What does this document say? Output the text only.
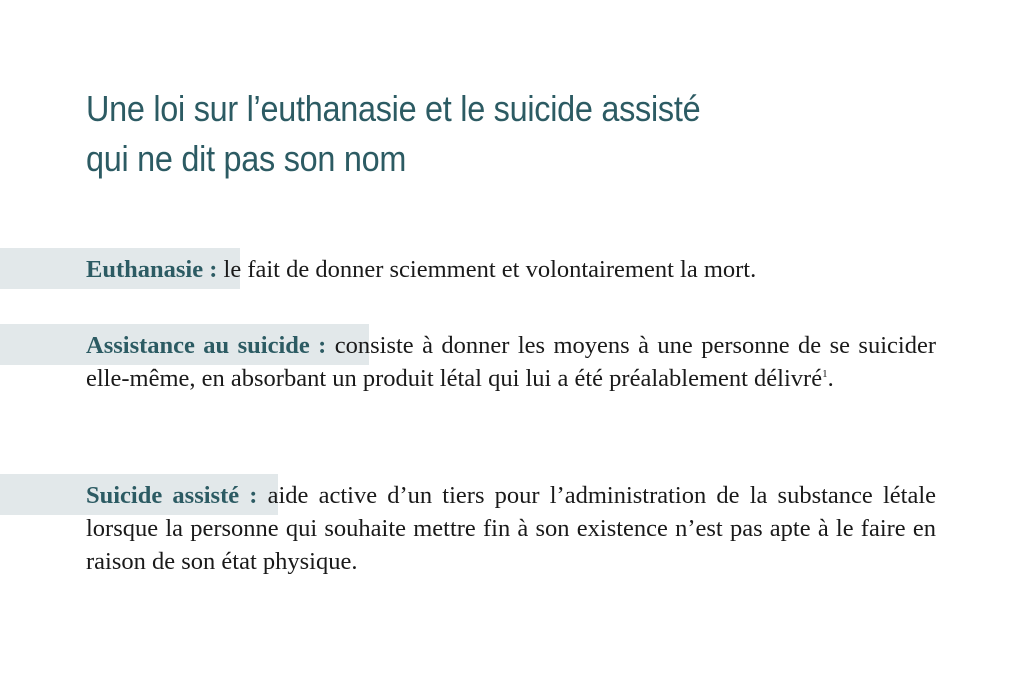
Une loi sur l’euthanasie et le suicide assisté
qui ne dit pas son nom

Euthanasie : le fait de donner sciemment et volontairement la mort.

Assistance au suicide : consiste à donner les moyens à une personne de se suicider elle-même, en absorbant un produit létal qui lui a été préalablement délivré$^1$.

Suicide assisté : aide active d’un tiers pour l’administration de la substance létale lorsque la personne qui souhaite mettre fin à son existence n’est pas apte à le faire en raison de son état physique.
